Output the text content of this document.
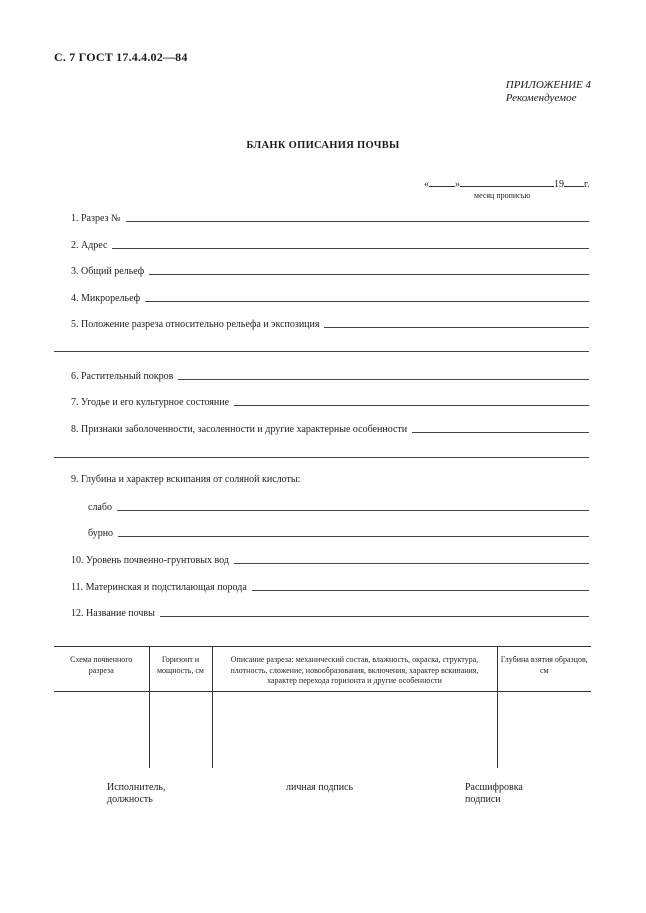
С. 7 ГОСТ 17.4.4.02—84
ПРИЛОЖЕНИЕ 4
Рекомендуемое
БЛАНК ОПИСАНИЯ ПОЧВЫ
«	»	19 г.
месяц прописью
1. Разрез №
2. Адрес
3. Общий рельеф
4. Микрорельеф
5. Положение разреза относительно рельефа и экспозиция
6. Растительный покров
7. Угодье и его культурное состояние
8. Признаки заболоченности, засоленности и другие характерные особенности
9. Глубина и характер вскипания от соляной кислоты:
слабо
бурно
10. Уровень почвенно-грунтовых вод
11. Материнская и подстилающая порода
12. Название почвы
Схема почвенного разреза	Горизонт и мощность, см	Описание разреза: механический состав, влажность, окраска, структура, плотность, сложение, новообразования, включения, характер вскипания, характер перехода горизонта и другие особенности	Глубина взятия образцов, см

Исполнитель, должность
личная подпись	Расшифровка подписи
